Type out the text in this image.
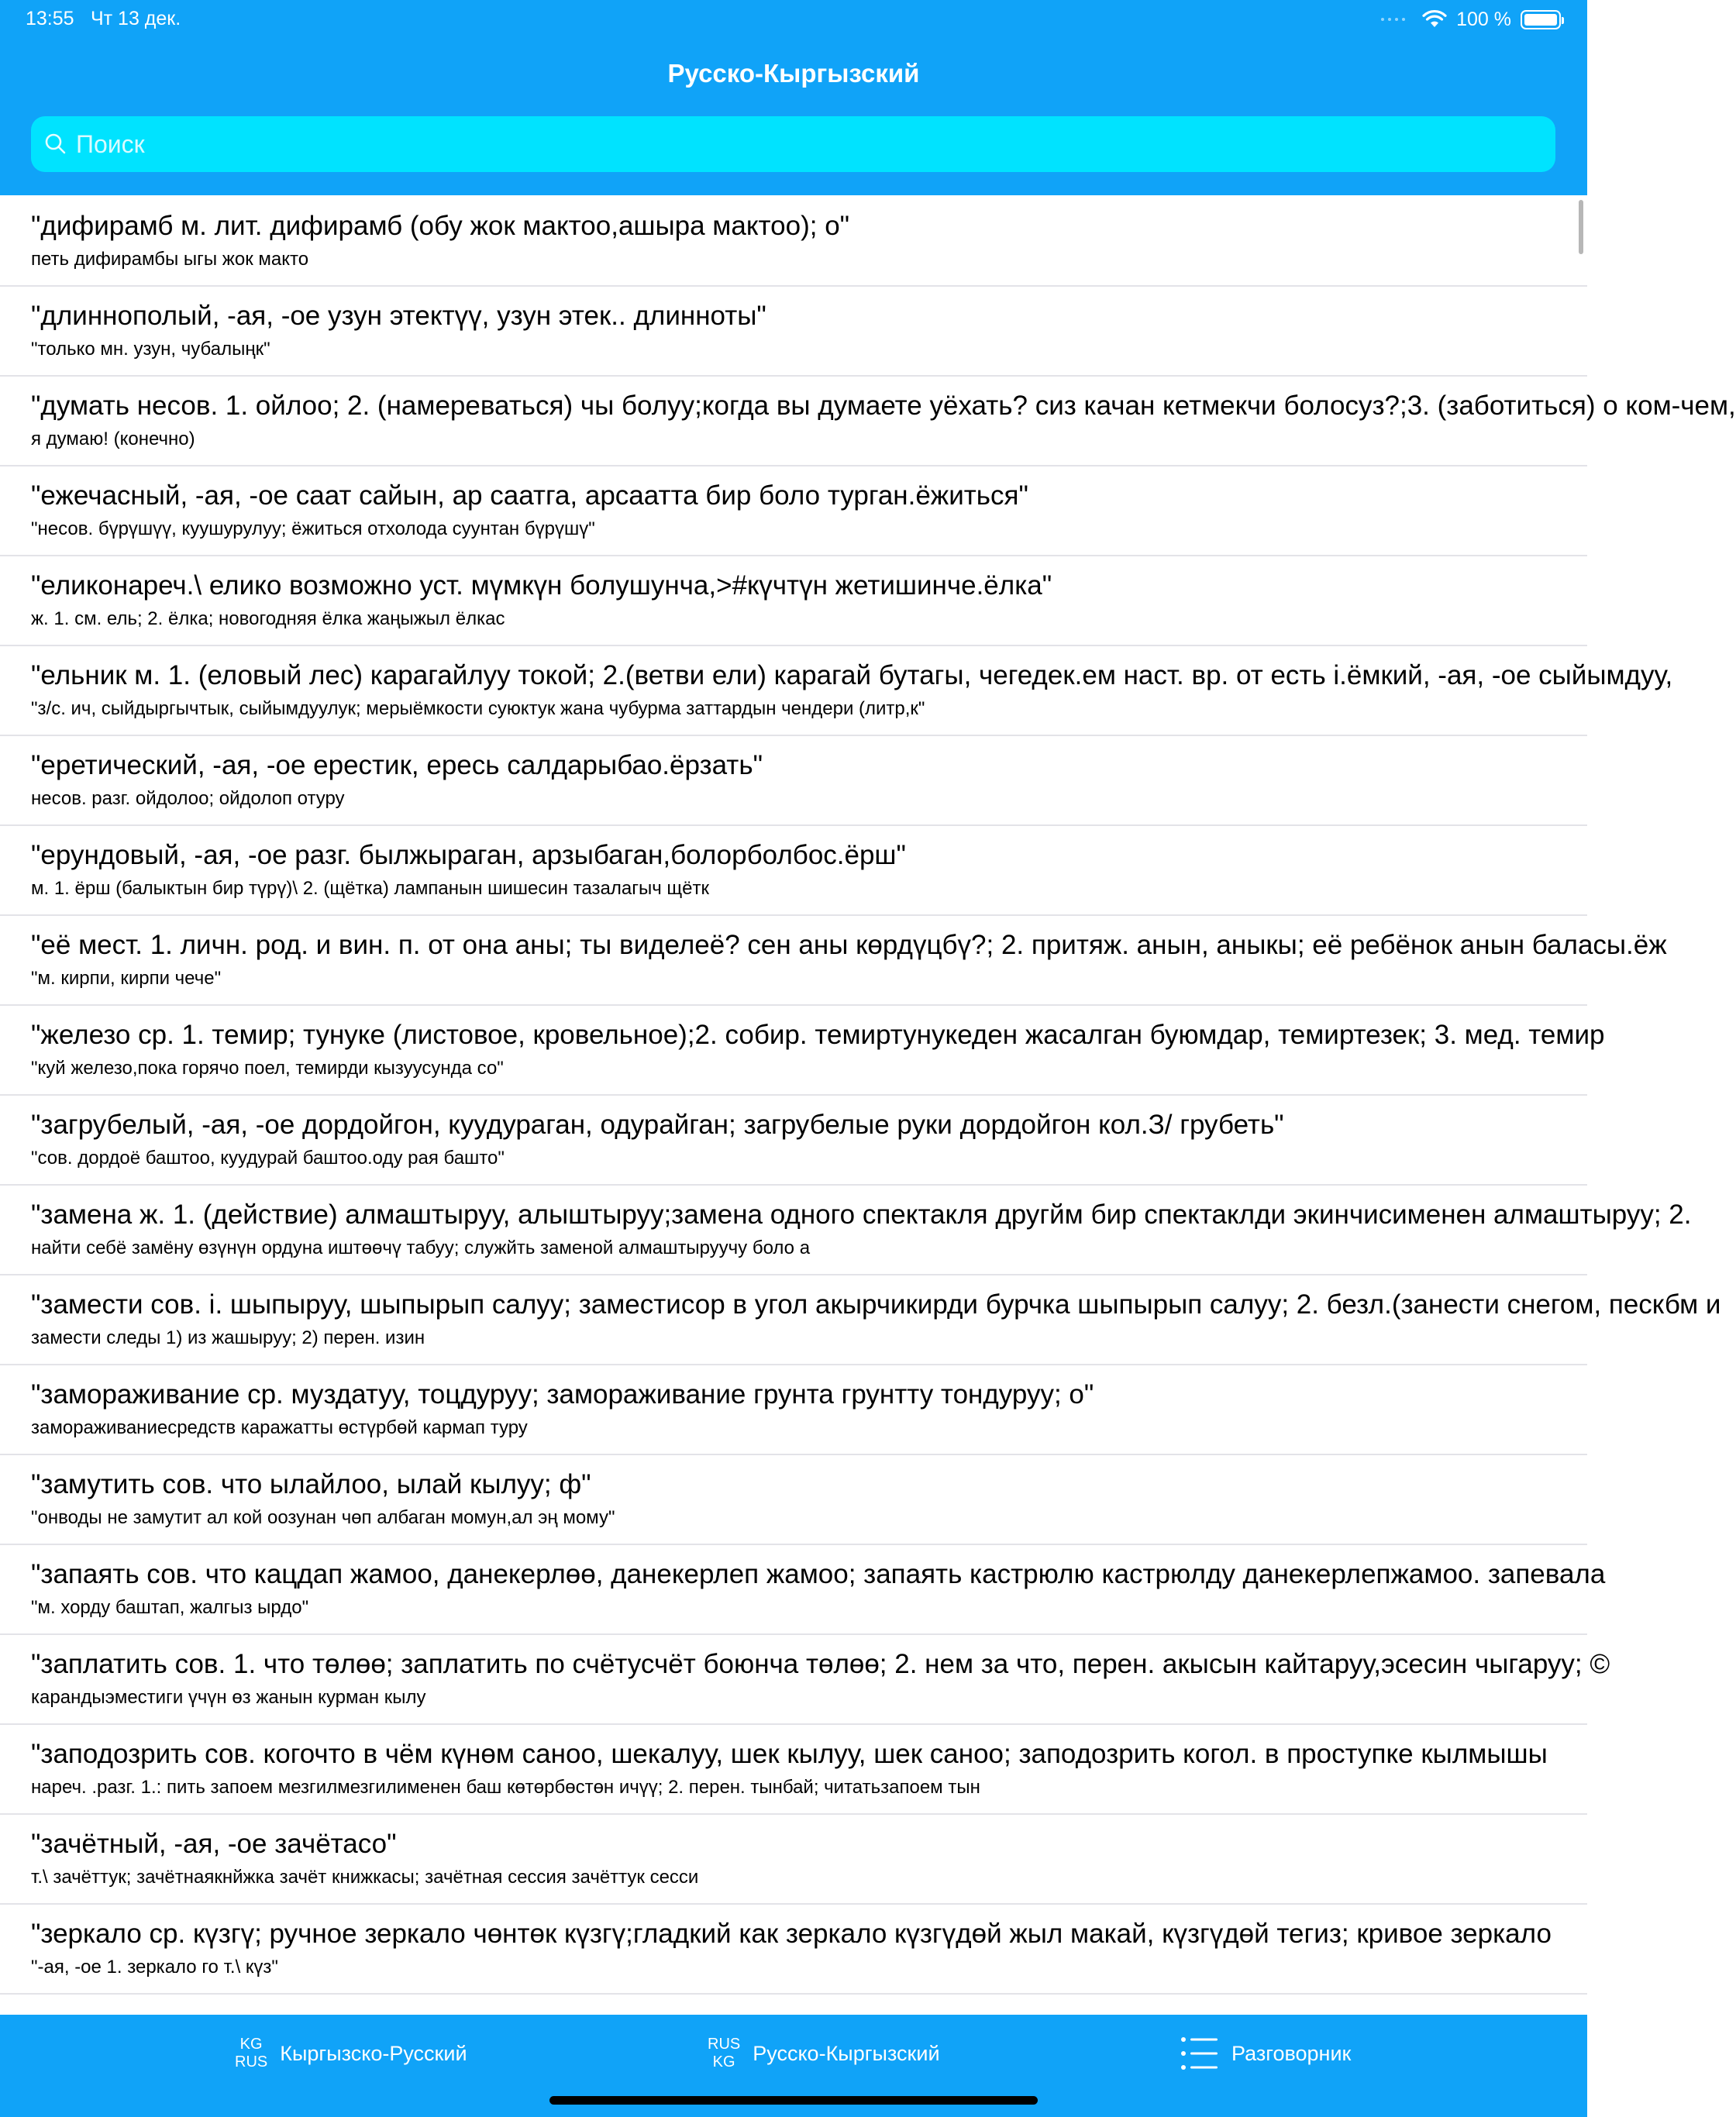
13:55 Чт 13 дек.	100 %
Русско-Кыргызский
Поиск
"дифирамб м. лит. дифирамб (обу жок мактоо,ашыра мактоо); о"
петь дифирамбы ыгы жок макто
"длиннополый, -ая, -ое узун этектүү, узун этек.. длинноты"
"только мн. узун, чубалыңк"
"думать несов. 1. ойлоо; 2. (намереваться) чы болуу;когда вы думаете уёхать? сиз качан кетмекчи болосуз?;3. (заботиться) о ком-чем,
я думаю! (конечно)
"ежечасный, -ая, -ое саат сайын, ар саатга, арсаатта бир боло турган.ёжиться"
"несов. бүрүшүү, куушурулуу; ёжиться отхолода суунтан бүрүшү"
"еликонареч.\ елико возможно уст. мүмкүн болушунча,>#күчтүн жетишинче.ёлка"
ж. 1. см. ель; 2. ёлка; новогодняя ёлка жаңыжыл ёлкас
"ельник м. 1. (еловый лес) карагайлуу токой; 2.(ветви ели) карагай бутагы, чегедек.ем наст. вр. от есть і.ёмкий, -ая, -ое сыйымдуу,
"з/с. ич, сыйдыргычтык, сыйымдуулук; мерыёмкости суюктук жана чубурма заттардын чендери (литр,к"
"еретический, -ая, -ое ерестик, ересь салдарыбао.ёрзать"
несов. разг. ойдолоо; ойдолоп отуру
"ерундовый, -ая, -ое разг. былжыраган, арзыбаган,болорболбос.ёрш"
м. 1. ёрш (балыктын бир түрү)\ 2. (щётка) лампанын шишесин тазалагыч щётк
"её мест. 1. личн. род. и вин. п. от она аны; ты виделеё? сен аны көрдүцбү?; 2. притяж. анын, аныкы; её ребёнок анын баласы.ёж
"м. кирпи, кирпи чече"
"железо ср. 1. темир; тунуке (листовое, кровельное);2. собир. темиртунукеден жасалган буюмдар, темиртезек; 3. мед. темир
"куй железо,пока горячо поел, темирди кызуусунда со"
"загрубелый, -ая, -ое дордойгон, куудураган, одурайган; загрубелые руки дордойгон кол.З/ грубеть"
"сов. дордоё баштоо, куудурай баштоо.оду рая башто"
"замена ж. 1. (действие) алмаштыруу, алыштыруу;замена одного спектакля другйм бир спектаклди экинчисименен алмаштыруу; 2.
найти себё замёну өзүнүн ордуна иштөөчү табуу; служйть заменой алмаштыруучу боло а
"замести сов. і. шыпыруу, шыпырып салуу; заместисор в угол акырчикирди бурчка шыпырып салуу; 2. безл.(занести снегом, пескбм и
замести следы 1) из жашыруу; 2) перен. изин
"замораживание ср. муздатуу, тоцдуруу; замораживание грунта грунтту тондуруу; о"
замораживаниесредств каражатты өстүрбөй кармап туру
"замутить сов. что ылайлоо, ылай кылуу; ф"
"онводы не замутит ал кой оозунан чөп албаган момун,ал эң мому"
"запаять сов. что кацдап жамоо, данекерлөө, данекерлеп жамоо; запаять кастрюлю кастрюлду данекерлепжамоо. запевала
"м. хорду баштап, жалгыз ырдо"
"заплатить сов. 1. что төлөө; заплатить по счётусчёт боюнча төлөө; 2. нем за что, перен. акысын кайтаруу,эсесин чыгаруу; ©
карандыэместиги үчүн өз жанын курман кылу
"заподозрить сов. когочто в чём күнөм саноо, шекалуу, шек кылуу, шек саноо; заподозрить когол. в проступке кылмышы
нареч. .разг. 1.: пить запоем мезгилмезгилименен баш көтөрбөстөн ичүү; 2. перен. тынбай; читатьзапоем тын
"зачётный, -ая, -ое зачётасо"
т.\ зачёттук; зачётнаякнйжка зачёт книжкасы; зачётная сессия зачёттук сесси
"зеркало ср. күзгү; ручное зеркало чөнтөк күзгү;гладкий как зеркало күзгүдөй жыл макай, күзгүдөй тегиз; кривое зеркало
"-ая, -ое 1. зеркало го т.\ күз"
KG
RUS Кыргызско-Русский	RUS
KG Русско-Кыргызский	Разговорник
